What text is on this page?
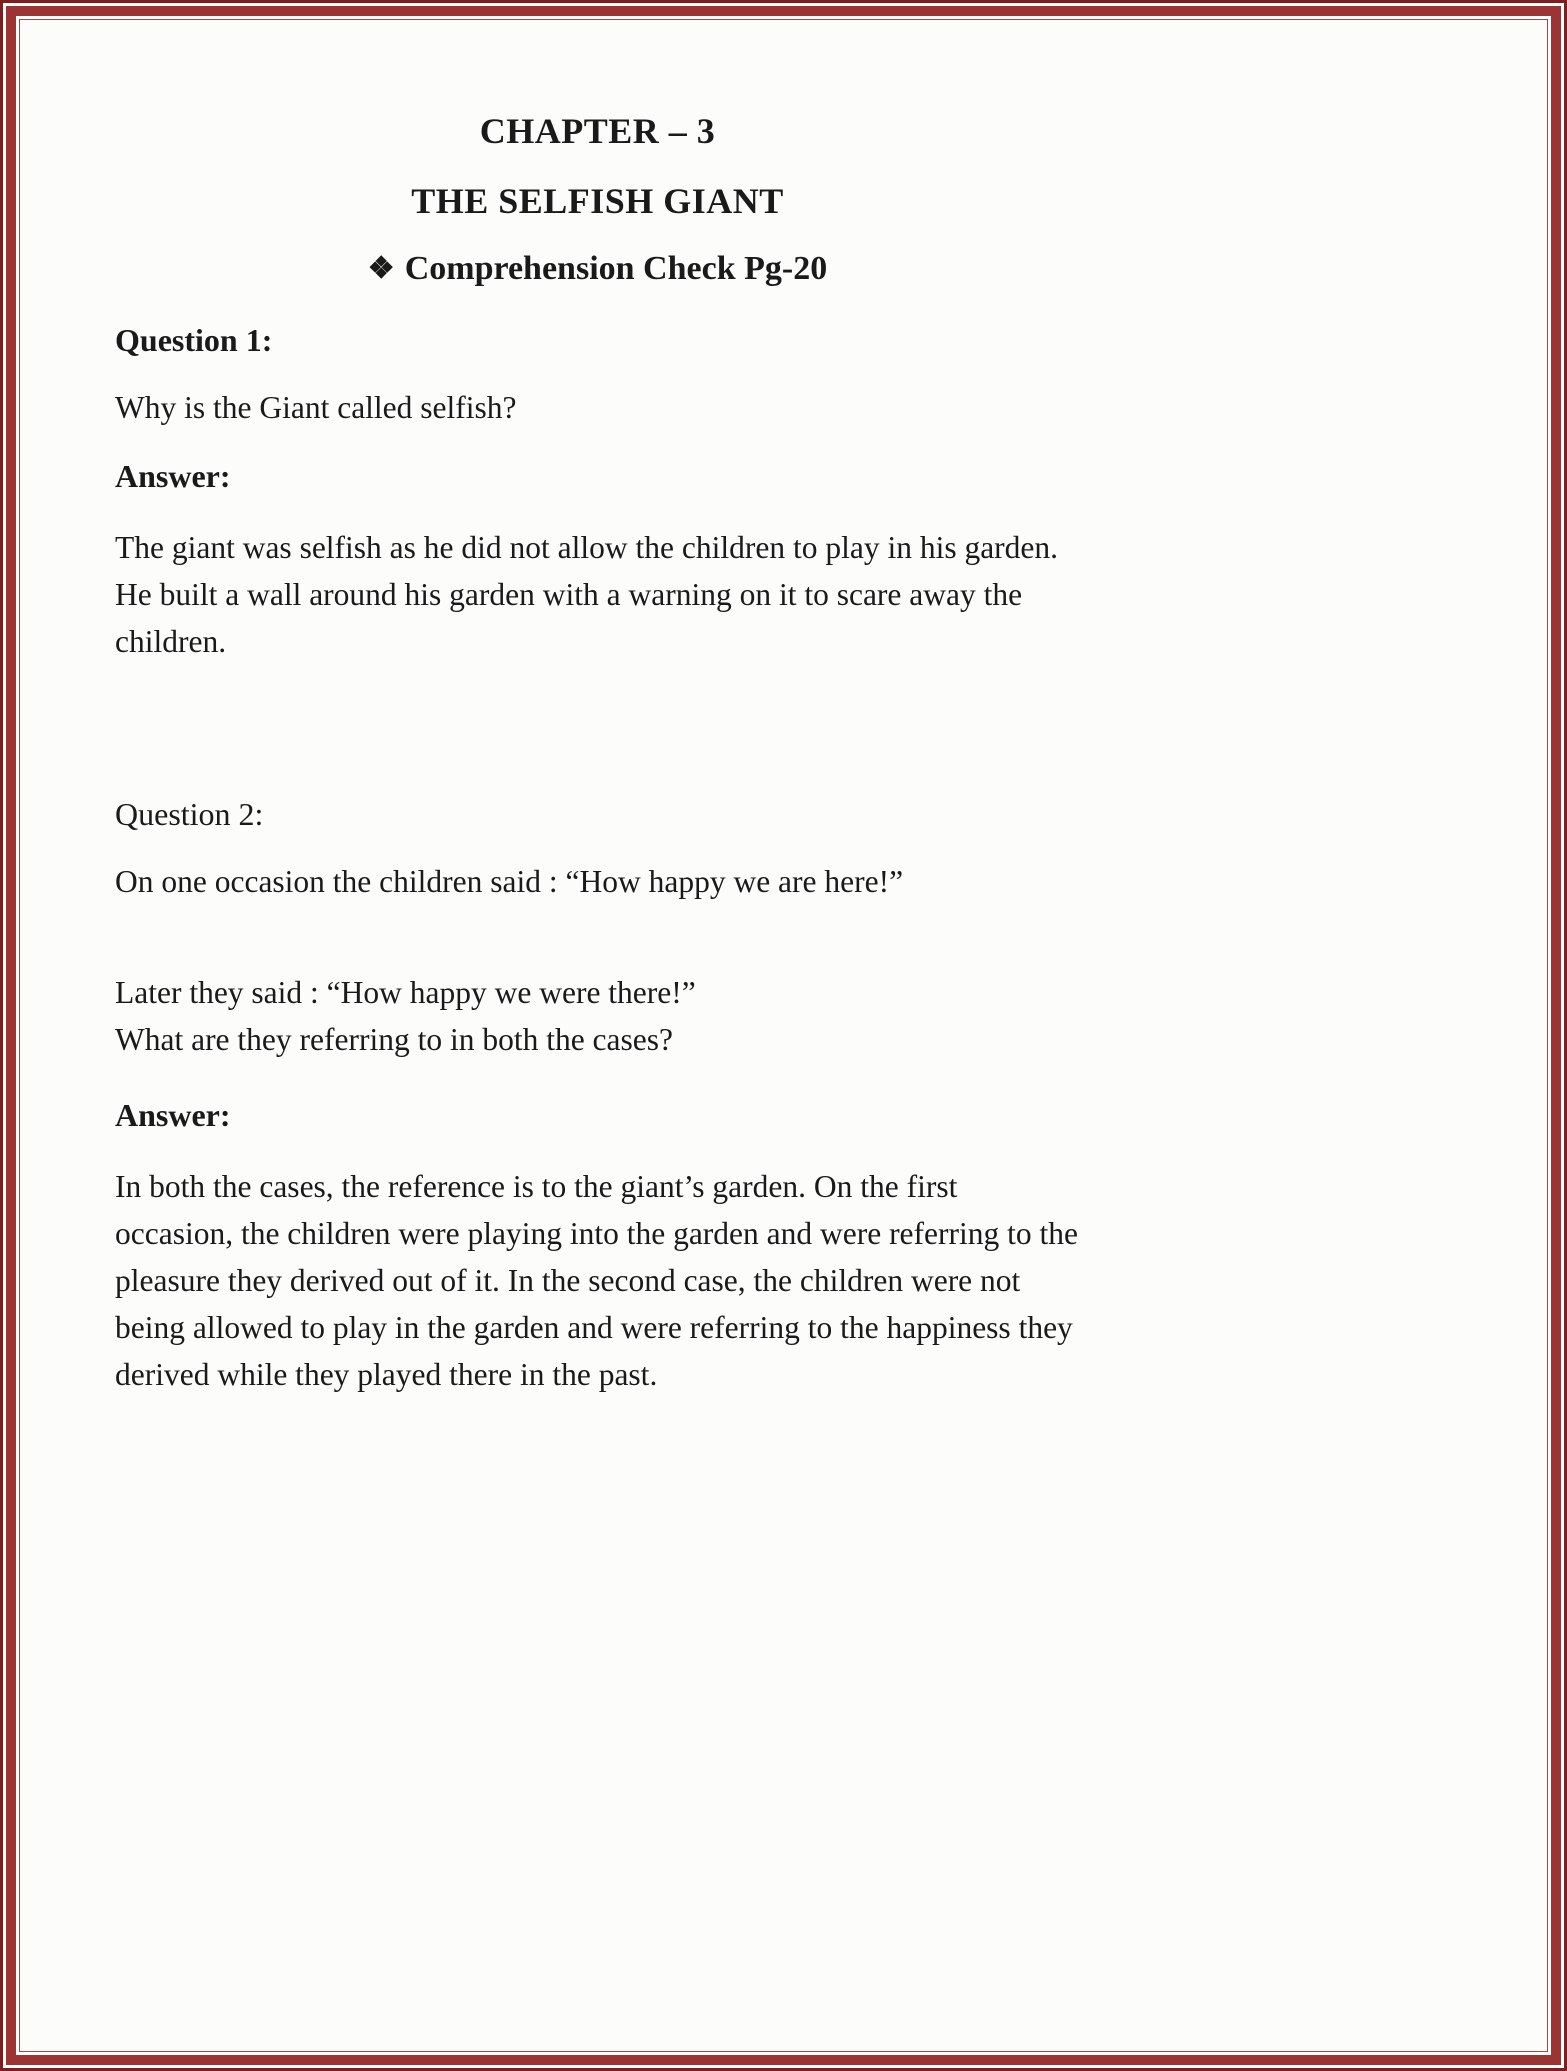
CHAPTER – 3
THE SELFISH GIANT
❖ Comprehension Check Pg-20
Question 1:
Why is the Giant called selfish?
Answer:
The giant was selfish as he did not allow the children to play in his garden. He built a wall around his garden with a warning on it to scare away the children.
Question 2:
On one occasion the children said : “How happy we are here!”
Later they said : “How happy we were there!”
What are they referring to in both the cases?
Answer:
In both the cases, the reference is to the giant’s garden. On the first occasion, the children were playing into the garden and were referring to the pleasure they derived out of it. In the second case, the children were not being allowed to play in the garden and were referring to the happiness they derived while they played there in the past.
